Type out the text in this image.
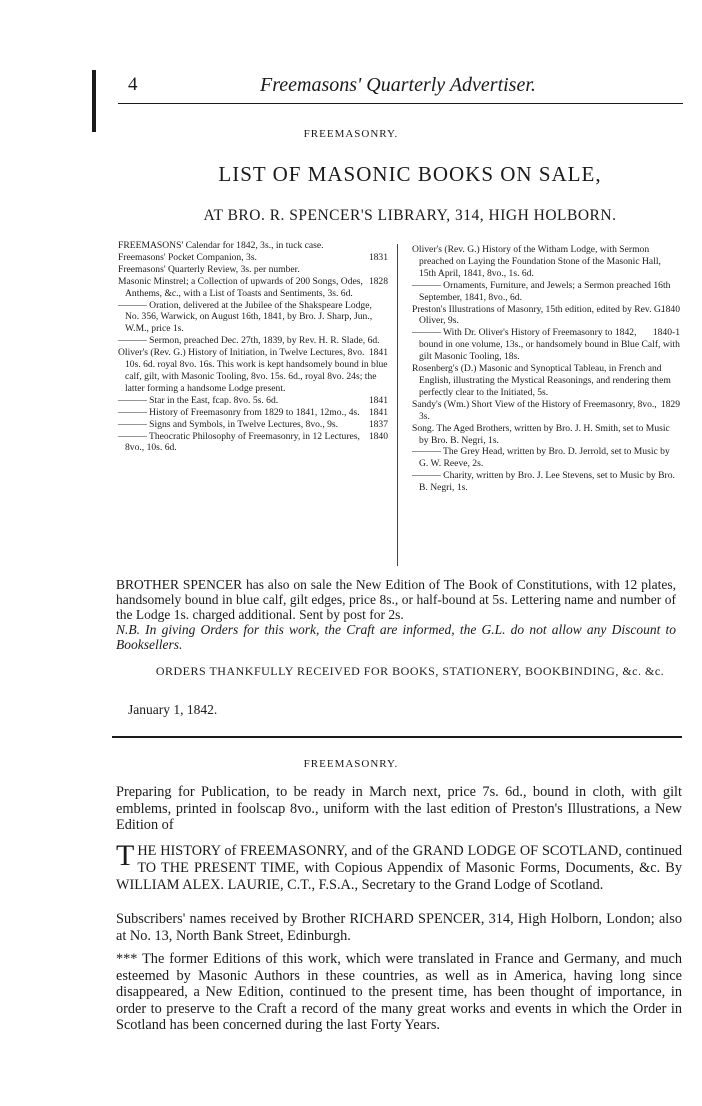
4	Freemasons' Quarterly Advertiser.
FREEMASONRY.
LIST OF MASONIC BOOKS ON SALE,
AT BRO. R. SPENCER'S LIBRARY, 314, HIGH HOLBORN.

FREEMASONS' Calendar for 1842, 3s., in tuck case.

1831
Freemasons' Pocket Companion, 3s.

Freemasons' Quarterly Review, 3s. per number.

1828
Masonic Minstrel; a Collection of upwards of 200 Songs, Odes, Anthems, &c., with a List of Toasts and Sentiments, 3s. 6d.

——— Oration, delivered at the Jubilee of the Shakspeare Lodge, No. 356, Warwick, on August 16th, 1841, by Bro. J. Sharp, Jun., W.M., price 1s.

——— Sermon, preached Dec. 27th, 1839, by Rev. H. R. Slade, 6d.

1841
Oliver's (Rev. G.) History of Initiation, in Twelve Lectures, 8vo. 10s. 6d. royal 8vo. 16s. This work is kept handsomely bound in blue calf, gilt, with Masonic Tooling, 8vo. 15s. 6d., royal 8vo. 24s; the latter forming a handsome Lodge present.

1841
——— Star in the East, fcap. 8vo. 5s. 6d.

1841
——— History of Freemasonry from 1829 to 1841, 12mo., 4s.

1837
——— Signs and Symbols, in Twelve Lectures, 8vo., 9s.

1840
——— Theocratic Philosophy of Freemasonry, in 12 Lectures, 8vo., 10s. 6d.

Oliver's (Rev. G.) History of the Witham Lodge, with Sermon preached on Laying the Foundation Stone of the Masonic Hall, 15th April, 1841, 8vo., 1s. 6d.

——— Ornaments, Furniture, and Jewels; a Sermon preached 16th September, 1841, 8vo., 6d.

1840
Preston's Illustrations of Masonry, 15th edition, edited by Rev. G. Oliver, 9s.

1840-1
——— With Dr. Oliver's History of Freemasonry to 1842, bound in one volume, 13s., or handsomely bound in Blue Calf, with gilt Masonic Tooling, 18s.

Rosenberg's (D.) Masonic and Synoptical Tableau, in French and English, illustrating the Mystical Reasonings, and rendering them perfectly clear to the Initiated, 5s.

1829
Sandy's (Wm.) Short View of the History of Freemasonry, 8vo., 3s.

Song. The Aged Brothers, written by Bro. J. H. Smith, set to Music by Bro. B. Negri, 1s.

——— The Grey Head, written by Bro. D. Jerrold, set to Music by G. W. Reeve, 2s.

——— Charity, written by Bro. J. Lee Stevens, set to Music by Bro. B. Negri, 1s.

BROTHER SPENCER has also on sale the New Edition of The Book of Constitutions, with 12 plates, handsomely bound in blue calf, gilt edges, price 8s., or half-bound at 5s. Lettering name and number of the Lodge 1s. charged additional. Sent by post for 2s.
N.B. In giving Orders for this work, the Craft are informed, the G.L. do not allow any Discount to Booksellers.
ORDERS THANKFULLY RECEIVED FOR BOOKS, STATIONERY, BOOKBINDING, &c. &c.
January 1, 1842.
FREEMASONRY.
Preparing for Publication, to be ready in March next, price 7s. 6d., bound in cloth, with gilt emblems, printed in foolscap 8vo., uniform with the last edition of Preston's Illustrations, a New Edition of
THE HISTORY of FREEMASONRY, and of the GRAND LODGE OF SCOTLAND, continued TO THE PRESENT TIME, with Copious Appendix of Masonic Forms, Documents, &c. By WILLIAM ALEX. LAURIE, C.T., F.S.A., Secretary to the Grand Lodge of Scotland.
Subscribers' names received by Brother RICHARD SPENCER, 314, High Holborn, London; also at No. 13, North Bank Street, Edinburgh.
*** The former Editions of this work, which were translated in France and Germany, and much esteemed by Masonic Authors in these countries, as well as in America, having long since disappeared, a New Edition, continued to the present time, has been thought of importance, in order to preserve to the Craft a record of the many great works and events in which the Order in Scotland has been concerned during the last Forty Years.
